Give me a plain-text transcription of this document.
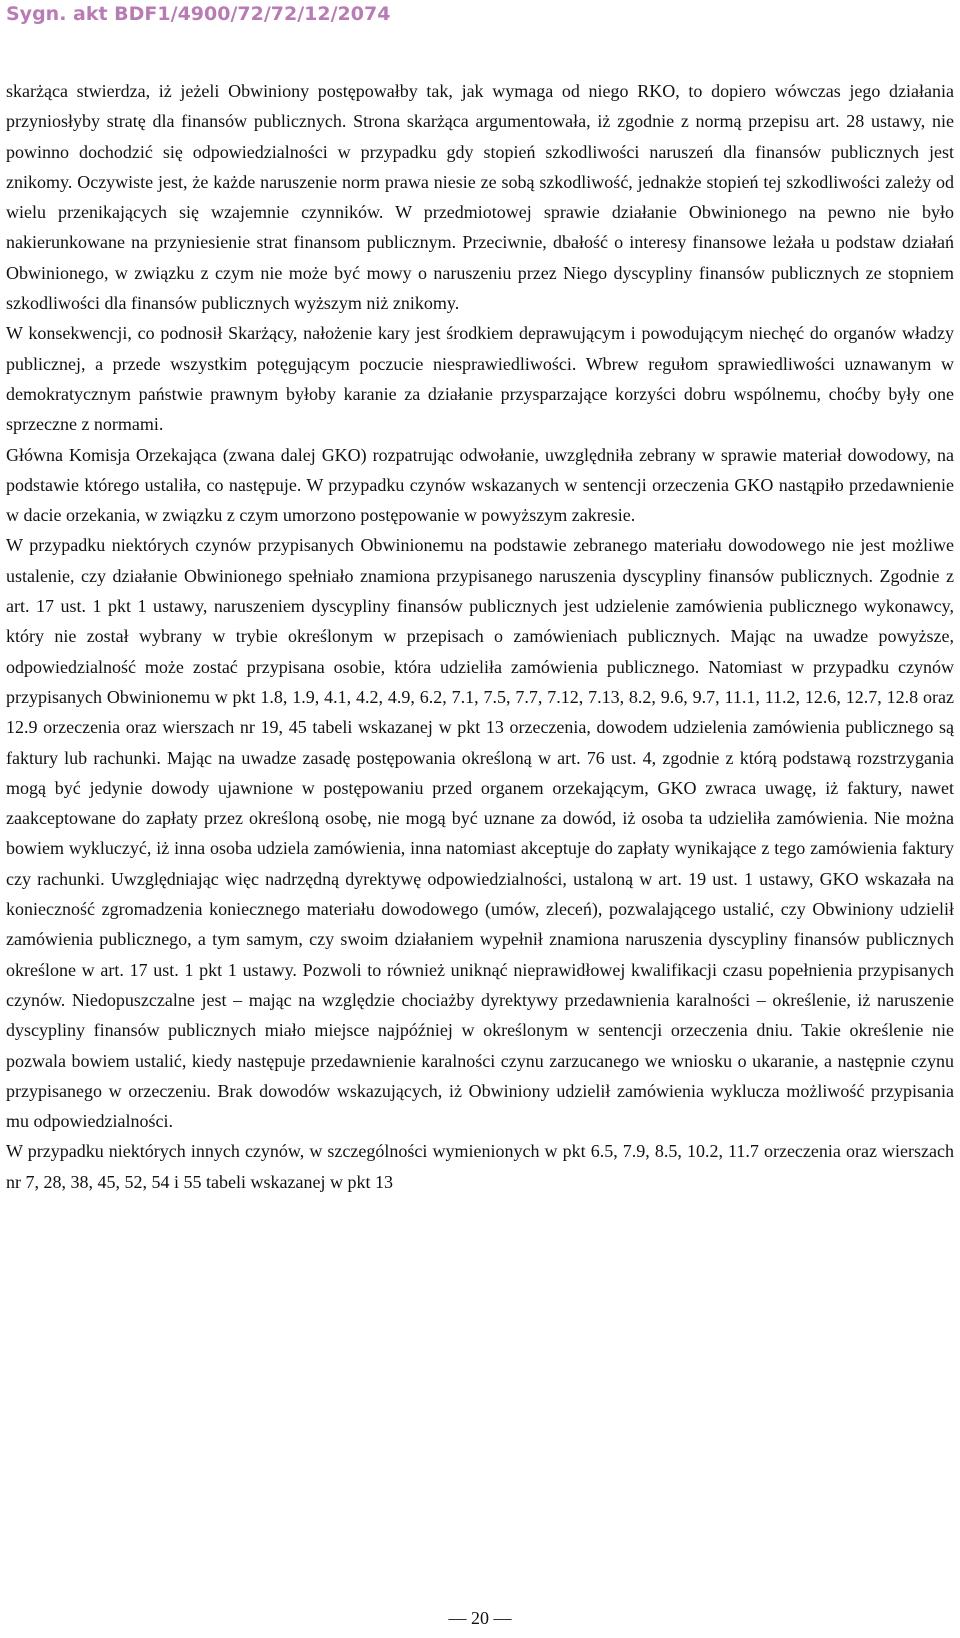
Sygn. akt BDF1/4900/72/72/12/2074

skarżąca stwierdza, iż jeżeli Obwiniony postępowałby tak, jak wymaga od niego RKO, to dopiero wówczas jego działania przyniosłyby stratę dla finansów publicznych. Strona skarżąca argumentowała, iż zgodnie z normą przepisu art. 28 ustawy, nie powinno dochodzić się odpowiedzialności w przypadku gdy stopień szkodliwości naruszeń dla finansów publicznych jest znikomy. Oczywiste jest, że każde naruszenie norm prawa niesie ze sobą szkodliwość, jednakże stopień tej szkodliwości zależy od wielu przenikających się wzajemnie czynników. W przedmiotowej sprawie działanie Obwinionego na pewno nie było nakierunkowane na przyniesienie strat finansom publicznym. Przeciwnie, dbałość o interesy finansowe leżała u podstaw działań Obwinionego, w związku z czym nie może być mowy o naruszeniu przez Niego dyscypliny finansów publicznych ze stopniem szkodliwości dla finansów publicznych wyższym niż znikomy.

W konsekwencji, co podnosił Skarżący, nałożenie kary jest środkiem deprawującym i powodującym niechęć do organów władzy publicznej, a przede wszystkim potęgującym poczucie niesprawiedliwości. Wbrew regułom sprawiedliwości uznawanym w demokratycznym państwie prawnym byłoby karanie za działanie przysparzające korzyści dobru wspólnemu, choćby były one sprzeczne z normami.

Główna Komisja Orzekająca (zwana dalej GKO) rozpatrując odwołanie, uwzględniła zebrany w sprawie materiał dowodowy, na podstawie którego ustaliła, co następuje. W przypadku czynów wskazanych w sentencji orzeczenia GKO nastąpiło przedawnienie w dacie orzekania, w związku z czym umorzono postępowanie w powyższym zakresie.

W przypadku niektórych czynów przypisanych Obwinionemu na podstawie zebranego materiału dowodowego nie jest możliwe ustalenie, czy działanie Obwinionego spełniało znamiona przypisanego naruszenia dyscypliny finansów publicznych. Zgodnie z art. 17 ust. 1 pkt 1 ustawy, naruszeniem dyscypliny finansów publicznych jest udzielenie zamówienia publicznego wykonawcy, który nie został wybrany w trybie określonym w przepisach o zamówieniach publicznych. Mając na uwadze powyższe, odpowiedzialność może zostać przypisana osobie, która udzieliła zamówienia publicznego. Natomiast w przypadku czynów przypisanych Obwinionemu w pkt 1.8, 1.9, 4.1, 4.2, 4.9, 6.2, 7.1, 7.5, 7.7, 7.12, 7.13, 8.2, 9.6, 9.7, 11.1, 11.2, 12.6, 12.7, 12.8 oraz 12.9 orzeczenia oraz wierszach nr 19, 45 tabeli wskazanej w pkt 13 orzeczenia, dowodem udzielenia zamówienia publicznego są faktury lub rachunki. Mając na uwadze zasadę postępowania określoną w art. 76 ust. 4, zgodnie z którą podstawą rozstrzygania mogą być jedynie dowody ujawnione w postępowaniu przed organem orzekającym, GKO zwraca uwagę, iż faktury, nawet zaakceptowane do zapłaty przez określoną osobę, nie mogą być uznane za dowód, iż osoba ta udzieliła zamówienia. Nie można bowiem wykluczyć, iż inna osoba udziela zamówienia, inna natomiast akceptuje do zapłaty wynikające z tego zamówienia faktury czy rachunki. Uwzględniając więc nadrzędną dyrektywę odpowiedzialności, ustaloną w art. 19 ust. 1 ustawy, GKO wskazała na konieczność zgromadzenia koniecznego materiału dowodowego (umów, zleceń), pozwalającego ustalić, czy Obwiniony udzielił zamówienia publicznego, a tym samym, czy swoim działaniem wypełnił znamiona naruszenia dyscypliny finansów publicznych określone w art. 17 ust. 1 pkt 1 ustawy. Pozwoli to również uniknąć nieprawidłowej kwalifikacji czasu popełnienia przypisanych czynów. Niedopuszczalne jest – mając na względzie chociażby dyrektywy przedawnienia karalności – określenie, iż naruszenie dyscypliny finansów publicznych miało miejsce najpóźniej w określonym w sentencji orzeczenia dniu. Takie określenie nie pozwala bowiem ustalić, kiedy następuje przedawnienie karalności czynu zarzucanego we wniosku o ukaranie, a następnie czynu przypisanego w orzeczeniu. Brak dowodów wskazujących, iż Obwiniony udzielił zamówienia wyklucza możliwość przypisania mu odpowiedzialności.

W przypadku niektórych innych czynów, w szczególności wymienionych w pkt 6.5, 7.9, 8.5, 10.2, 11.7 orzeczenia oraz wierszach nr 7, 28, 38, 45, 52, 54 i 55 tabeli wskazanej w pkt 13

— 20 —
